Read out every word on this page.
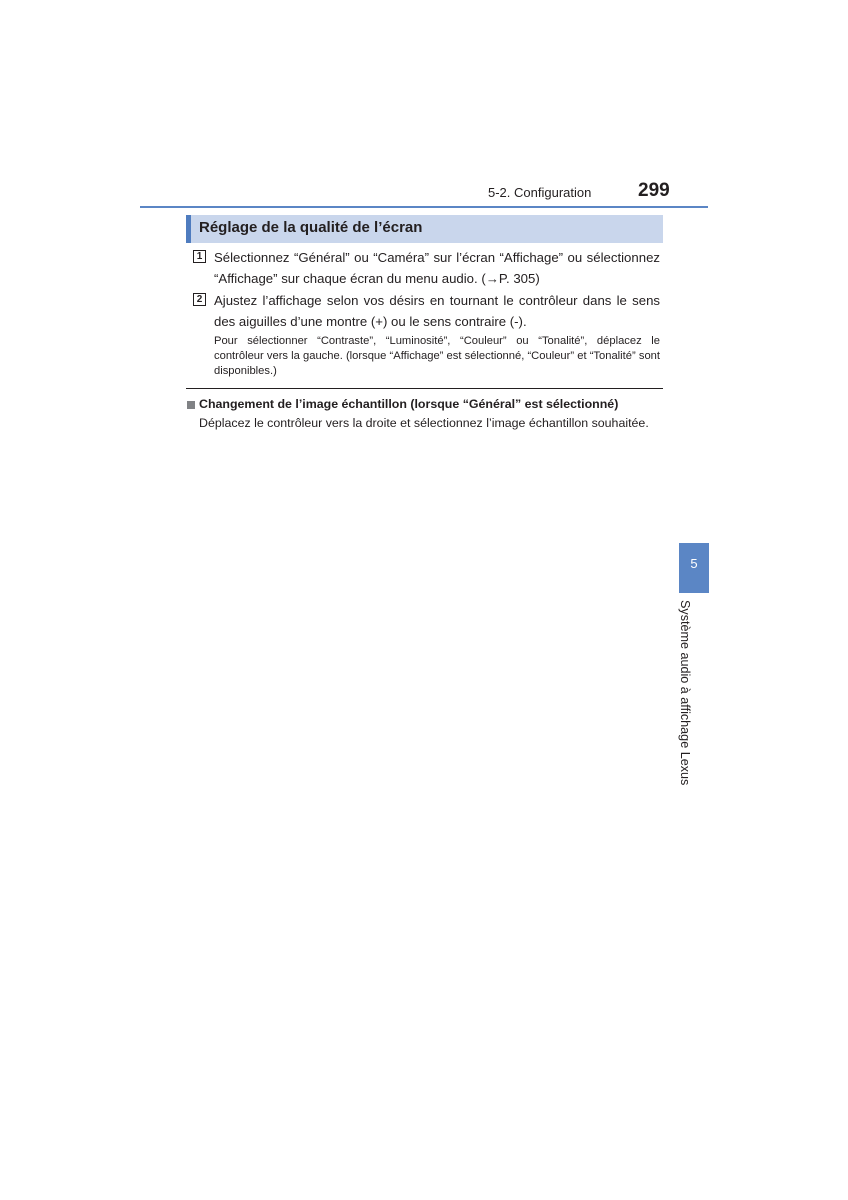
5-2. Configuration 299
Réglage de la qualité de l’écran
1 Sélectionnez “Général” ou “Caméra” sur l’écran “Affichage” ou sélectionnez “Affichage” sur chaque écran du menu audio. (→P. 305)
2 Ajustez l’affichage selon vos désirs en tournant le contrôleur dans le sens des aiguilles d’une montre (+) ou le sens contraire (-).
Pour sélectionner “Contraste”, “Luminosité”, “Couleur” ou “Tonalité”, déplacez le contrôleur vers la gauche. (lorsque “Affichage” est sélectionné, “Couleur” et “Tonalité” sont disponibles.)
Changement de l’image échantillon (lorsque “Général” est sélectionné)
Déplacez le contrôleur vers la droite et sélectionnez l’image échantillon souhaitée.
5
Système audio à affichage Lexus
